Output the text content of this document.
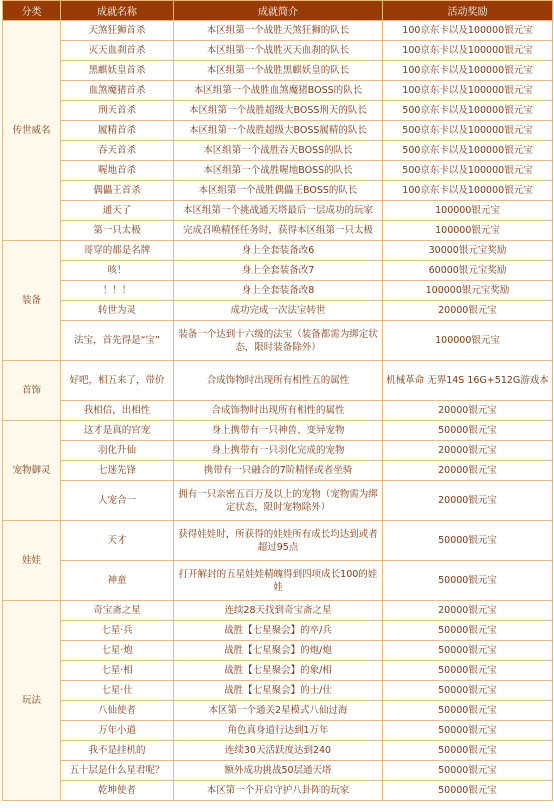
分类	成就名称	成就简介	活动奖励
传世威名	天煞狂狮首杀	本区组第一个战胜天煞狂狮的队长	100京东卡以及100000银元宝
	灭天血刹首杀	本区组第一个战胜灭天血刹的队长	100京东卡以及100000银元宝
	黑麒妖皇首杀	本区组第一个战胜黑麒妖皇的队长	100京东卡以及100000银元宝
	血煞魔猪首杀	本区组第一个战胜血煞魔猪BOSS的队长	100京东卡以及100000银元宝
	刑天首杀	本区组第一个战胜超级大BOSS刑天的队长	500京东卡以及100000银元宝
	履精首杀	本区组第一个战胜超级大BOSS履精的队长	500京东卡以及100000银元宝
	吞天首杀	本区组第一个战胜吞天BOSS的队长	500京东卡以及100000银元宝
	喔地首杀	本区组第一个战胜喔地BOSS的队长	500京东卡以及100000银元宝
	偶儡王首杀	本区组第一个战胜偶儡王BOSS的队长	100京东卡以及100000银元宝
	通天了	本区组第一个挑战通天塔最后一层成功的玩家	100000银元宝
	第一只太极	完成召唤精怪任务时，获得本区组第一只太极	100000银元宝
装备	哥穿的都是名牌	身上全套装备改6	30000银元宝奖励
	咳！	身上全套装备改7	60000银元宝奖励
	！！！	身上全套装备改8	100000银元宝奖励
	转世为灵	成功完成一次法宝转世	20000银元宝
	法宝，首先得是“宝”	装备一个达到十六级的法宝（装备都需为绑定状态，限时装备除外）	100000银元宝
首饰	好吧，相五来了，带价	合成饰物时出现所有相性五的属性	机械革命 无界14S 16G+512G游戏本
	我相信，出相性	合成饰物时出现所有相性的属性	20000银元宝
宠物御灵	这才是真的官宠	身上携带有一只神兽、变异宠物	50000银元宝
	羽化升仙	身上携带有一只羽化完成的宠物	20000银元宝
	七迷先锋	携带有一只融合的7阶精怪或者坐骑	20000银元宝
	人宠合一	拥有一只亲密五百万及以上的宠物（宠物需为绑定状态，限时宠物除外）	20000银元宝
娃娃	天才	获得娃娃时，所获得的娃娃所有成长均达到或者超过95点	50000银元宝
	神童	打开解封的五星娃娃精魄得到四项成长100的娃娃	50000银元宝
玩法	奇宝斋之星	连续28天找到奇宝斋之星	20000银元宝
	七星·兵	战胜【七星聚会】的卒/兵	50000银元宝
	七星·炮	战胜【七星聚会】的炮/炮	50000银元宝
	七星·相	战胜【七星聚会】的象/相	50000银元宝
	七星·仕	战胜【七星聚会】的士/仕	50000银元宝
	八仙使者	本区第一个通关2星模式八仙过海	50000银元宝
	万年小道	角色真身道行达到1万年	50000银元宝
	我不是挂机的	连续30天活跃度达到240	50000银元宝
	五十层是什么星君呢？	额外成功挑战50层通天塔	50000银元宝
	乾坤使者	本区第一个开启守护八卦阵的玩家	50000银元宝
